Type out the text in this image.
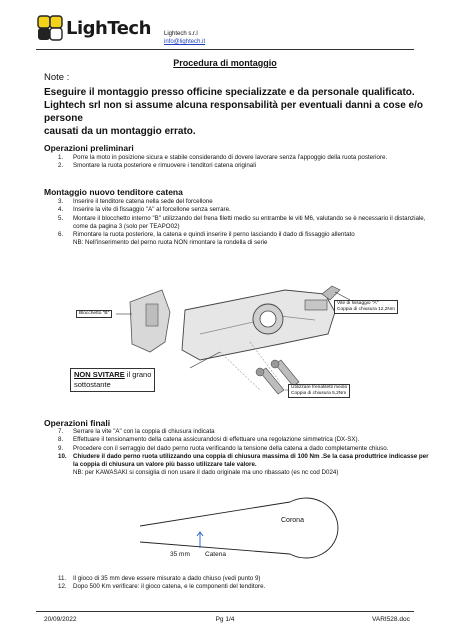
LighTech Lightech s.r.l
info@lightech.it
Procedura di montaggio
Note :
Eseguire il montaggio presso officine specializzate e da personale qualificato.
Lightech srl non si assume alcuna responsabilità per eventuali danni a cose e/o persone
causati da un montaggio errato.
Operazioni preliminari
1.	Porre la moto in posizione sicura e stabile considerando di dovere lavorare senza l'appoggio della ruota posteriore.
2.	Smontare la ruota posteriore e rimuovere i tenditori catena originali
Montaggio nuovo tenditore catena
3.	Inserire il tenditore catena nella sede del forcellone
4.	Inserire la vite di fissaggio "A" al forcellone senza serrare.
5.	Montare il blocchetto interno "B" utilizzando del frena filetti medio su entrambe le viti M6, valutando se è necessario il distanziale, come da pagina 3 (solo per TEAPO02)
6.	Rimontare la ruota posteriore, la catena e quindi inserire il perno lasciando il dado di fissaggio allentato
NB: Nell'inserimento del perno ruota NON rimontare la rondella di serie
Blocchetto "B"
Vite di fissaggio "A"
Coppia di chiusura 12,2Nm
Utilizzare frenafiletti medio
Coppia di chiusura 5,2Nm
NON SVITARE il grano
sottostante
Operazioni finali
7.	Serrare la vite "A" con la coppia di chiusura indicata
8.	Effettuare il tensionamento della catena assicurandosi di effettuare una regolazione simmetrica (DX-SX).
9.	Procedere con il serraggio del dado perno ruota verificando la tensione della catena a dado completamente chiuso.
10.	Chiudere il dado perno ruota utilizzando una coppia di chiusura massima di 100 Nm .Se la casa produttrice indicasse per la coppia di chiusura un valore più basso utilizzare tale valore.
NB: per KAWASAKI si consiglia di non usare il dado originale ma uno ribassato (es nc cod D024)
Corona
35 mm Catena
11.	Il gioco di 35 mm deve essere misurato a dado chiuso (vedi punto 9)
12.	Dopo 500 Km verificare: il gioco catena, e le componenti del tenditore.
20/09/2022	Pg 1/4	VARI528.doc
